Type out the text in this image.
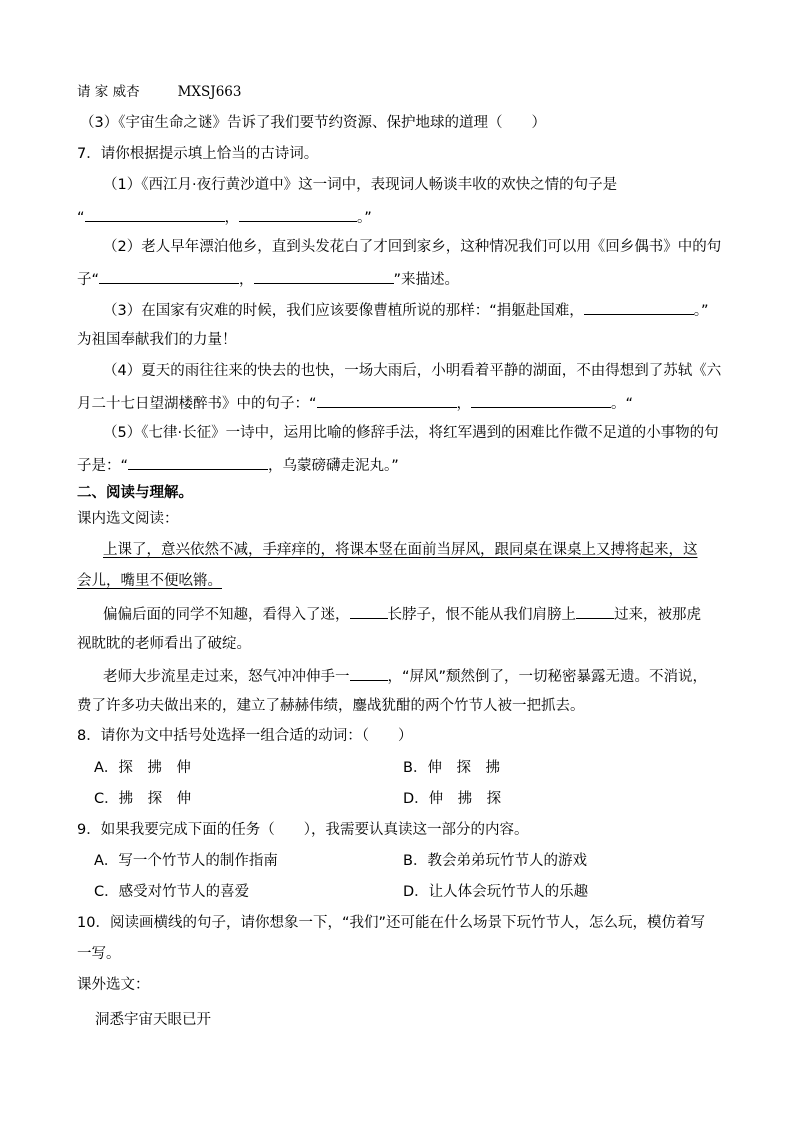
请 家 威杏	MXSJ663
（3）《宇宙生命之谜》告诉了我们要节约资源、保护地球的道理（　　）
7．请你根据提示填上恰当的古诗词。
（1）《西江月·夜行黄沙道中》这一词中，表现词人畅谈丰收的欢快之情的句子是
“	，	。”
（2）老人早年漂泊他乡，直到头发花白了才回到家乡，这种情况我们可以用《回乡偶书》中的句
子“	，	”来描述。
（3）在国家有灾难的时候，我们应该要像曹植所说的那样：“捐躯赴国难，	。”
为祖国奉献我们的力量！
（4）夏天的雨往往来的快去的也快，一场大雨后，小明看着平静的湖面，不由得想到了苏轼《六
月二十七日望湖楼醉书》中的句子：“	，	。“
（5）《七律·长征》一诗中，运用比喻的修辞手法，将红军遇到的困难比作微不足道的小事物的句
子是：“	，乌蒙磅礴走泥丸。”
二、阅读与理解。
课内选文阅读：
上课了，意兴依然不减，手痒痒的，将课本竖在面前当屏风，跟同桌在课桌上又搏将起来，这
会儿，嘴里不便吆锵。
偏偏后面的同学不知趣，看得入了迷，	长脖子，恨不能从我们肩膀上	过来，被那虎
视眈眈的老师看出了破绽。
老师大步流星走过来，怒气冲冲伸手一	，“屏风”颓然倒了，一切秘密暴露无遗。不消说，
费了许多功夫做出来的，建立了赫赫伟绩，鏖战犹酣的两个竹节人被一把抓去。
8．请你为文中括号处选择一组合适的动词：（　　）
A．探　拂　伸	B．伸　探　拂
C．拂　探　伸	D．伸　拂　探
9．如果我要完成下面的任务（　　），我需要认真读这一部分的内容。
A．写一个竹节人的制作指南	B．教会弟弟玩竹节人的游戏
C．感受对竹节人的喜爱	D．让人体会玩竹节人的乐趣
10．阅读画横线的句子，请你想象一下，“我们”还可能在什么场景下玩竹节人，怎么玩，模仿着写
一写。
课外选文：
洞悉宇宙天眼已开
